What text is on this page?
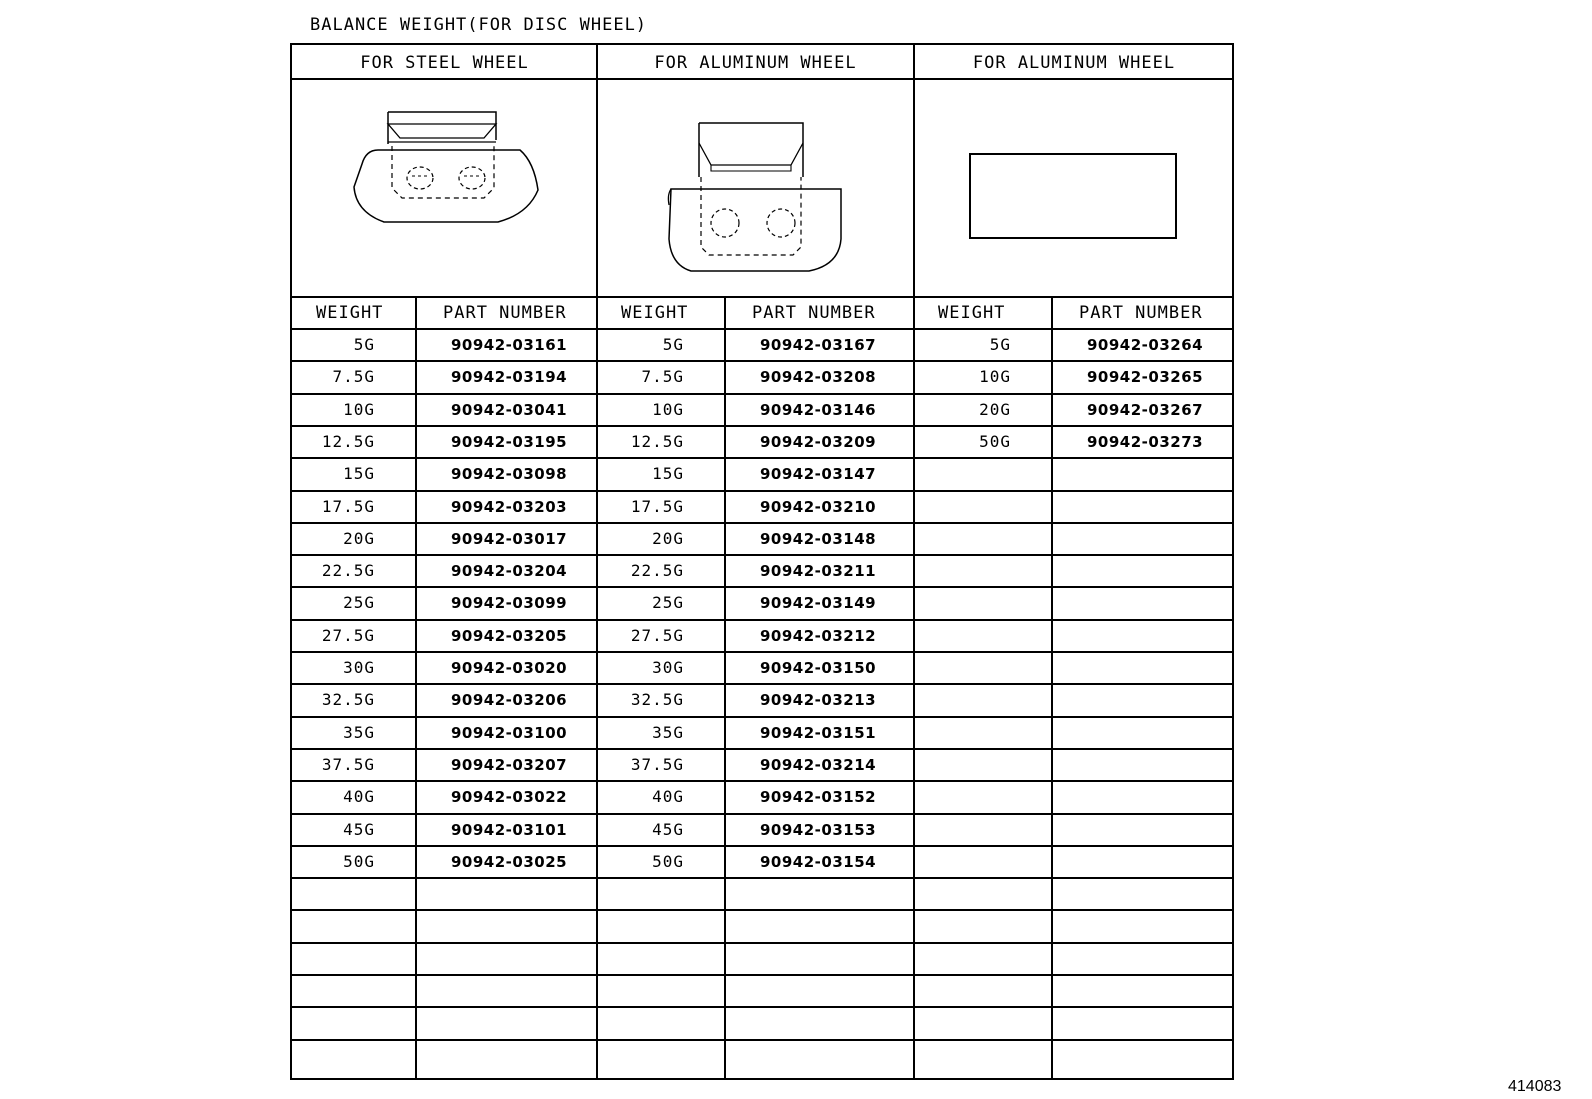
BALANCE WEIGHT(FOR DISC WHEEL)
FOR STEEL WHEEL
WEIGHT	PART NUMBER
5G	90942-03161
7.5G	90942-03194
10G	90942-03041
12.5G	90942-03195
15G	90942-03098
17.5G	90942-03203
20G	90942-03017
22.5G	90942-03204
25G	90942-03099
27.5G	90942-03205
30G	90942-03020
32.5G	90942-03206
35G	90942-03100
37.5G	90942-03207
40G	90942-03022
45G	90942-03101
50G	90942-03025
FOR ALUMINUM WHEEL
WEIGHT	PART NUMBER
5G	90942-03167
7.5G	90942-03208
10G	90942-03146
12.5G	90942-03209
15G	90942-03147
17.5G	90942-03210
20G	90942-03148
22.5G	90942-03211
25G	90942-03149
27.5G	90942-03212
30G	90942-03150
32.5G	90942-03213
35G	90942-03151
37.5G	90942-03214
40G	90942-03152
45G	90942-03153
50G	90942-03154
FOR ALUMINUM WHEEL
WEIGHT	PART NUMBER
5G	90942-03264
10G	90942-03265
20G	90942-03267
50G	90942-03273
414083
